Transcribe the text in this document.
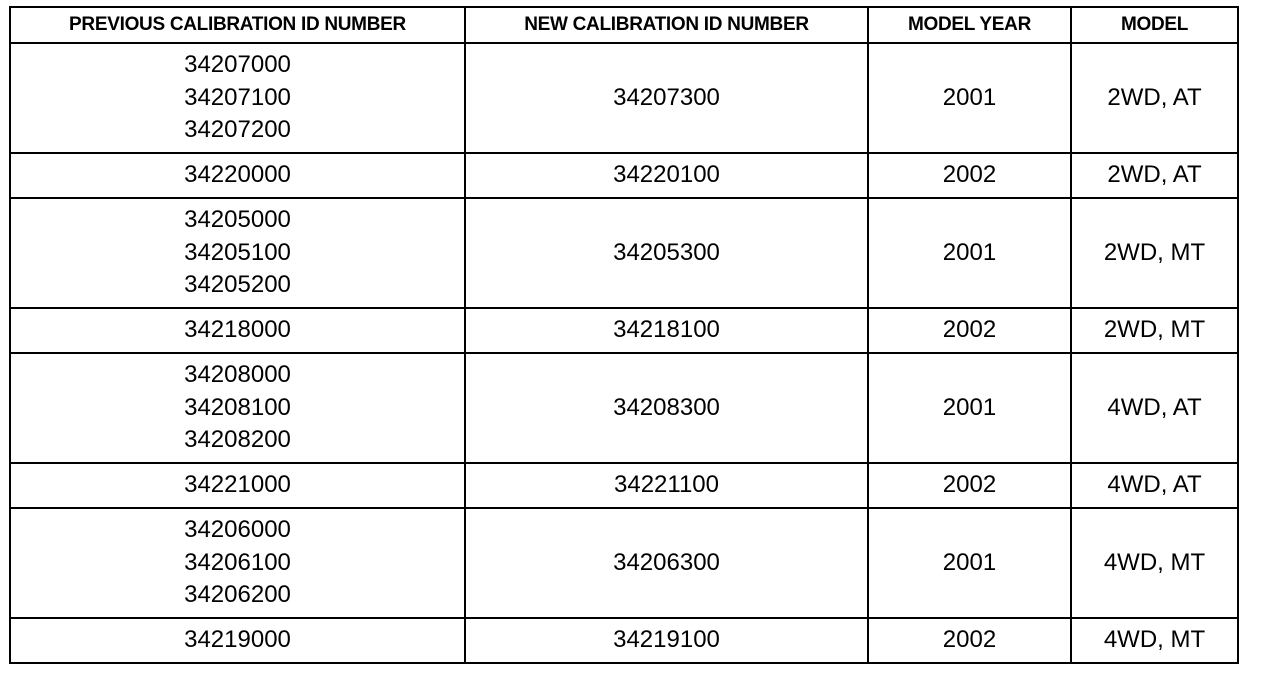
PREVIOUS CALIBRATION ID NUMBER	NEW CALIBRATION ID NUMBER	MODEL YEAR	MODEL

34207000
34207100
34207200	34207300	2001	2WD, AT

34220000	34220100	2002	2WD, AT

34205000
34205100
34205200	34205300	2001	2WD, MT

34218000	34218100	2002	2WD, MT

34208000
34208100
34208200	34208300	2001	4WD, AT

34221000	34221100	2002	4WD, AT

34206000
34206100
34206200	34206300	2001	4WD, MT

34219000	34219100	2002	4WD, MT
